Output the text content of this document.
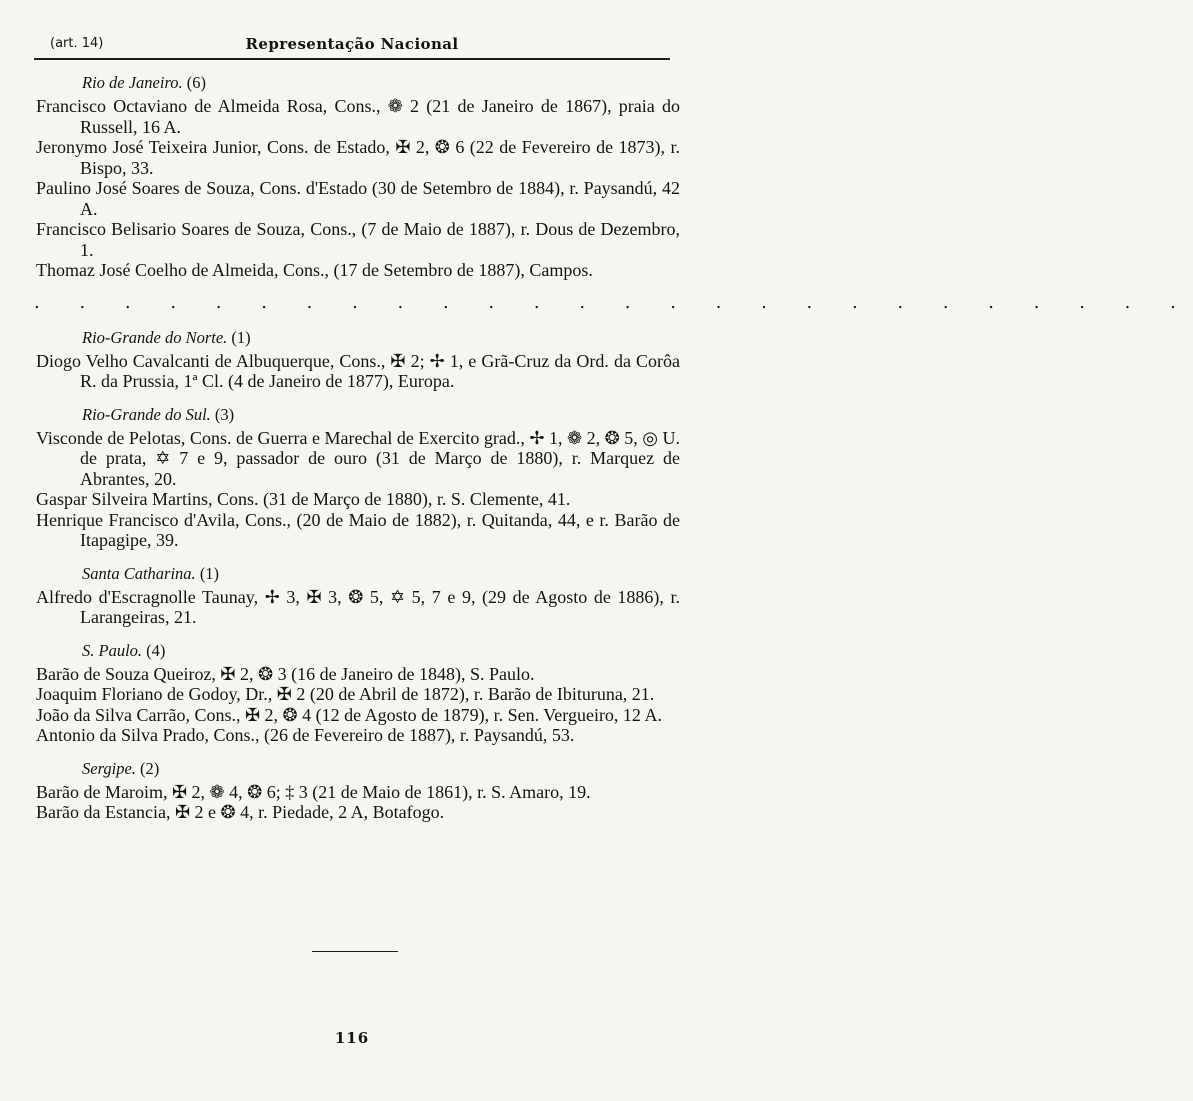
(art. 14)	Representação Nacional
Rio de Janeiro. (6)

Francisco Octaviano de Almeida Rosa, Cons., ❁ 2 (21 de Janeiro de 1867), praia do Russell, 16 A.

Jeronymo José Teixeira Junior, Cons. de Estado, ✠ 2, ❂ 6 (22 de Fevereiro de 1873), r. Bispo, 33.

Paulino José Soares de Souza, Cons. d'Estado (30 de Setembro de 1884), r. Paysandú, 42 A.

Francisco Belisario Soares de Souza, Cons., (7 de Maio de 1887), r. Dous de Dezembro, 1.

Thomaz José Coelho de Almeida, Cons., (17 de Setembro de 1887), Campos.

. . . . . . . . . . . . . . . . . . . . . . . . . .
Rio-Grande do Norte. (1)

Diogo Velho Cavalcanti de Albuquerque, Cons., ✠ 2; ✢ 1, e Grã-Cruz da Ord. da Corôa R. da Prussia, 1ª Cl. (4 de Janeiro de 1877), Europa.

Rio-Grande do Sul. (3)

Visconde de Pelotas, Cons. de Guerra e Marechal de Exercito grad., ✢ 1, ❁ 2, ❂ 5, ◎ U. de prata, ✡ 7 e 9, passador de ouro (31 de Março de 1880), r. Marquez de Abrantes, 20.

Gaspar Silveira Martins, Cons. (31 de Março de 1880), r. S. Clemente, 41.

Henrique Francisco d'Avila, Cons., (20 de Maio de 1882), r. Quitanda, 44, e r. Barão de Itapagipe, 39.

Santa Catharina. (1)

Alfredo d'Escragnolle Taunay, ✢ 3, ✠ 3, ❂ 5, ✡ 5, 7 e 9, (29 de Agosto de 1886), r. Larangeiras, 21.

S. Paulo. (4)

Barão de Souza Queiroz, ✠ 2, ❂ 3 (16 de Janeiro de 1848), S. Paulo.

Joaquim Floriano de Godoy, Dr., ✠ 2 (20 de Abril de 1872), r. Barão de Ibituruna, 21.

João da Silva Carrão, Cons., ✠ 2, ❂ 4 (12 de Agosto de 1879), r. Sen. Vergueiro, 12 A.

Antonio da Silva Prado, Cons., (26 de Fevereiro de 1887), r. Paysandú, 53.

Sergipe. (2)

Barão de Maroim, ✠ 2, ❁ 4, ❂ 6; ‡ 3 (21 de Maio de 1861), r. S. Amaro, 19.

Barão da Estancia, ✠ 2 e ❂ 4, r. Piedade, 2 A, Botafogo.

116
